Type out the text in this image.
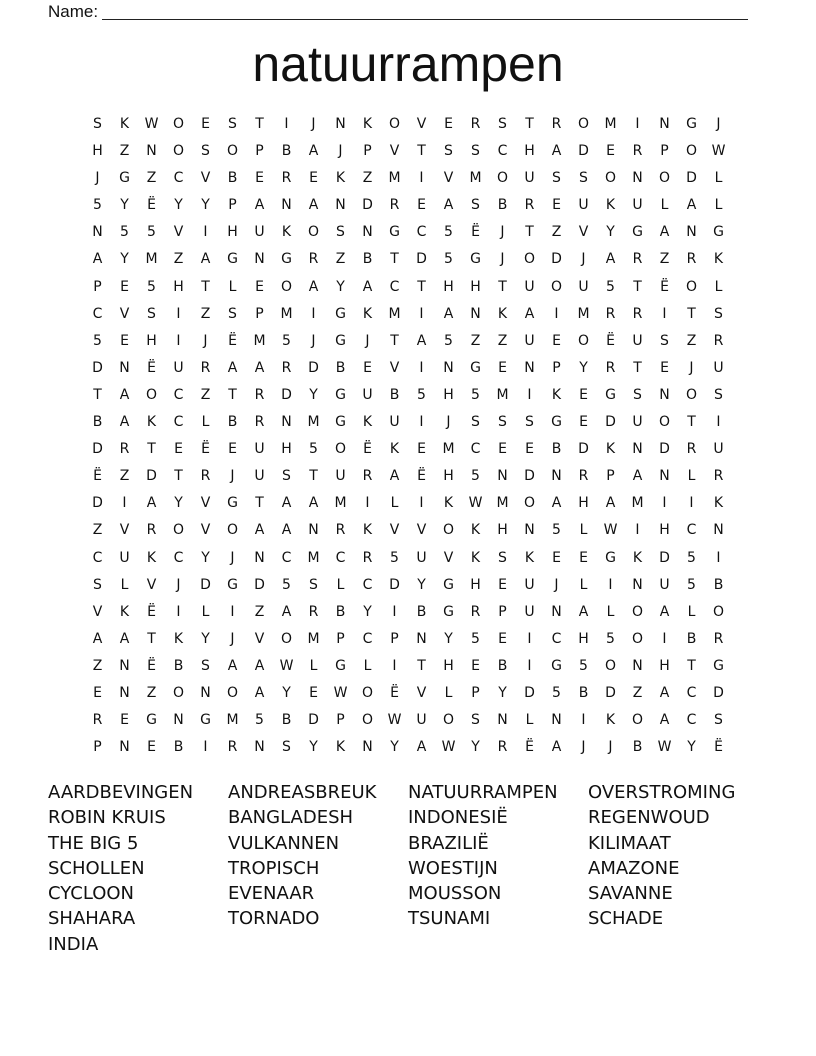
Name:
natuurrampen
S	K	W	O	E	S	T	I	J	N	K	O	V	E	R	S	T	R	O	M	I	N	G	J
H	Z	N	O	S	O	P	B	A	J	P	V	T	S	S	C	H	A	D	E	R	P	O	W
J	G	Z	C	V	B	E	R	E	K	Z	M	I	V	M	O	U	S	S	O	N	O	D	L
5	Y	Ë	Y	Y	P	A	N	A	N	D	R	E	A	S	B	R	E	U	K	U	L	A	L
N	5	5	V	I	H	U	K	O	S	N	G	C	5	Ë	J	T	Z	V	Y	G	A	N	G
A	Y	M	Z	A	G	N	G	R	Z	B	T	D	5	G	J	O	D	J	A	R	Z	R	K
P	E	5	H	T	L	E	O	A	Y	A	C	T	H	H	T	U	O	U	5	T	Ë	O	L
C	V	S	I	Z	S	P	M	I	G	K	M	I	A	N	K	A	I	M	R	R	I	T	S
5	E	H	I	J	Ë	M	5	J	G	J	T	A	5	Z	Z	U	E	O	Ë	U	S	Z	R
D	N	Ë	U	R	A	A	R	D	B	E	V	I	N	G	E	N	P	Y	R	T	E	J	U
T	A	O	C	Z	T	R	D	Y	G	U	B	5	H	5	M	I	K	E	G	S	N	O	S
B	A	K	C	L	B	R	N	M	G	K	U	I	J	S	S	S	G	E	D	U	O	T	I
D	R	T	E	Ë	E	U	H	5	O	Ë	K	E	M	C	E	E	B	D	K	N	D	R	U
Ë	Z	D	T	R	J	U	S	T	U	R	A	Ë	H	5	N	D	N	R	P	A	N	L	R
D	I	A	Y	V	G	T	A	A	M	I	L	I	K	W	M	O	A	H	A	M	I	I	K
Z	V	R	O	V	O	A	A	N	R	K	V	V	O	K	H	N	5	L	W	I	H	C	N
C	U	K	C	Y	J	N	C	M	C	R	5	U	V	K	S	K	E	E	G	K	D	5	I
S	L	V	J	D	G	D	5	S	L	C	D	Y	G	H	E	U	J	L	I	N	U	5	B
V	K	Ë	I	L	I	Z	A	R	B	Y	I	B	G	R	P	U	N	A	L	O	A	L	O
A	A	T	K	Y	J	V	O	M	P	C	P	N	Y	5	E	I	C	H	5	O	I	B	R
Z	N	Ë	B	S	A	A	W	L	G	L	I	T	H	E	B	I	G	5	O	N	H	T	G
E	N	Z	O	N	O	A	Y	E	W	O	Ë	V	L	P	Y	D	5	B	D	Z	A	C	D
R	E	G	N	G	M	5	B	D	P	O	W	U	O	S	N	L	N	I	K	O	A	C	S
P	N	E	B	I	R	N	S	Y	K	N	Y	A	W	Y	R	Ë	A	J	J	B	W	Y	Ë
AARDBEVINGEN	ANDREASBREUK	NATUURRAMPEN	OVERSTROMING
ROBIN KRUIS	BANGLADESH	INDONESIË	REGENWOUD
THE BIG 5	VULKANNEN	BRAZILIË	KILIMAAT
SCHOLLEN	TROPISCH	WOESTIJN	AMAZONE
CYCLOON	EVENAAR	MOUSSON	SAVANNE
SHAHARA	TORNADO	TSUNAMI	SCHADE
INDIA
